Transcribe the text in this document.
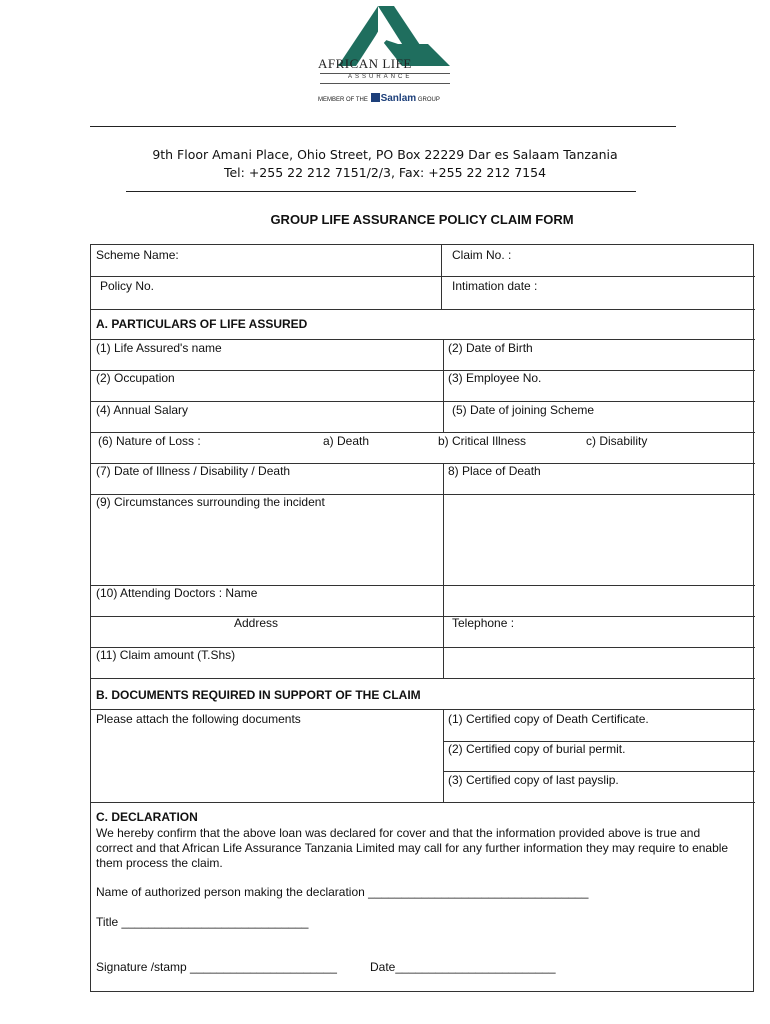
AFRICAN LIFE
ASSURANCE
MEMBER OF THE Sanlam GROUP
9th Floor Amani Place, Ohio Street, PO Box 22229 Dar es Salaam Tanzania
Tel: +255 22 212 7151/2/3, Fax: +255 22 212 7154
GROUP LIFE ASSURANCE POLICY CLAIM FORM
Scheme Name:	Claim No. :
Policy No.	Intimation date :
A. PARTICULARS OF LIFE ASSURED
(1) Life Assured's name	(2) Date of Birth
(2) Occupation	(3) Employee No.
(4) Annual Salary	(5) Date of joining Scheme
(6) Nature of Loss :	a) Death	b) Critical Illness	c) Disability
(7) Date of Illness / Disability / Death	8) Place of Death
(9) Circumstances surrounding the incident
(10) Attending Doctors : Name
Address	Telephone :
(11) Claim amount (T.Shs)
B. DOCUMENTS REQUIRED IN SUPPORT OF THE CLAIM
Please attach the following documents	(1) Certified copy of Death Certificate.
(2) Certified copy of burial permit.
(3) Certified copy of last payslip.
C. DECLARATION
We hereby confirm that the above loan was declared for cover and that the information provided above is true and correct and that African Life Assurance Tanzania Limited may call for any further information they may require to enable them process the claim.
Name of authorized person making the declaration _________________________________
Title ____________________________
Signature /stamp ______________________	Date________________________
